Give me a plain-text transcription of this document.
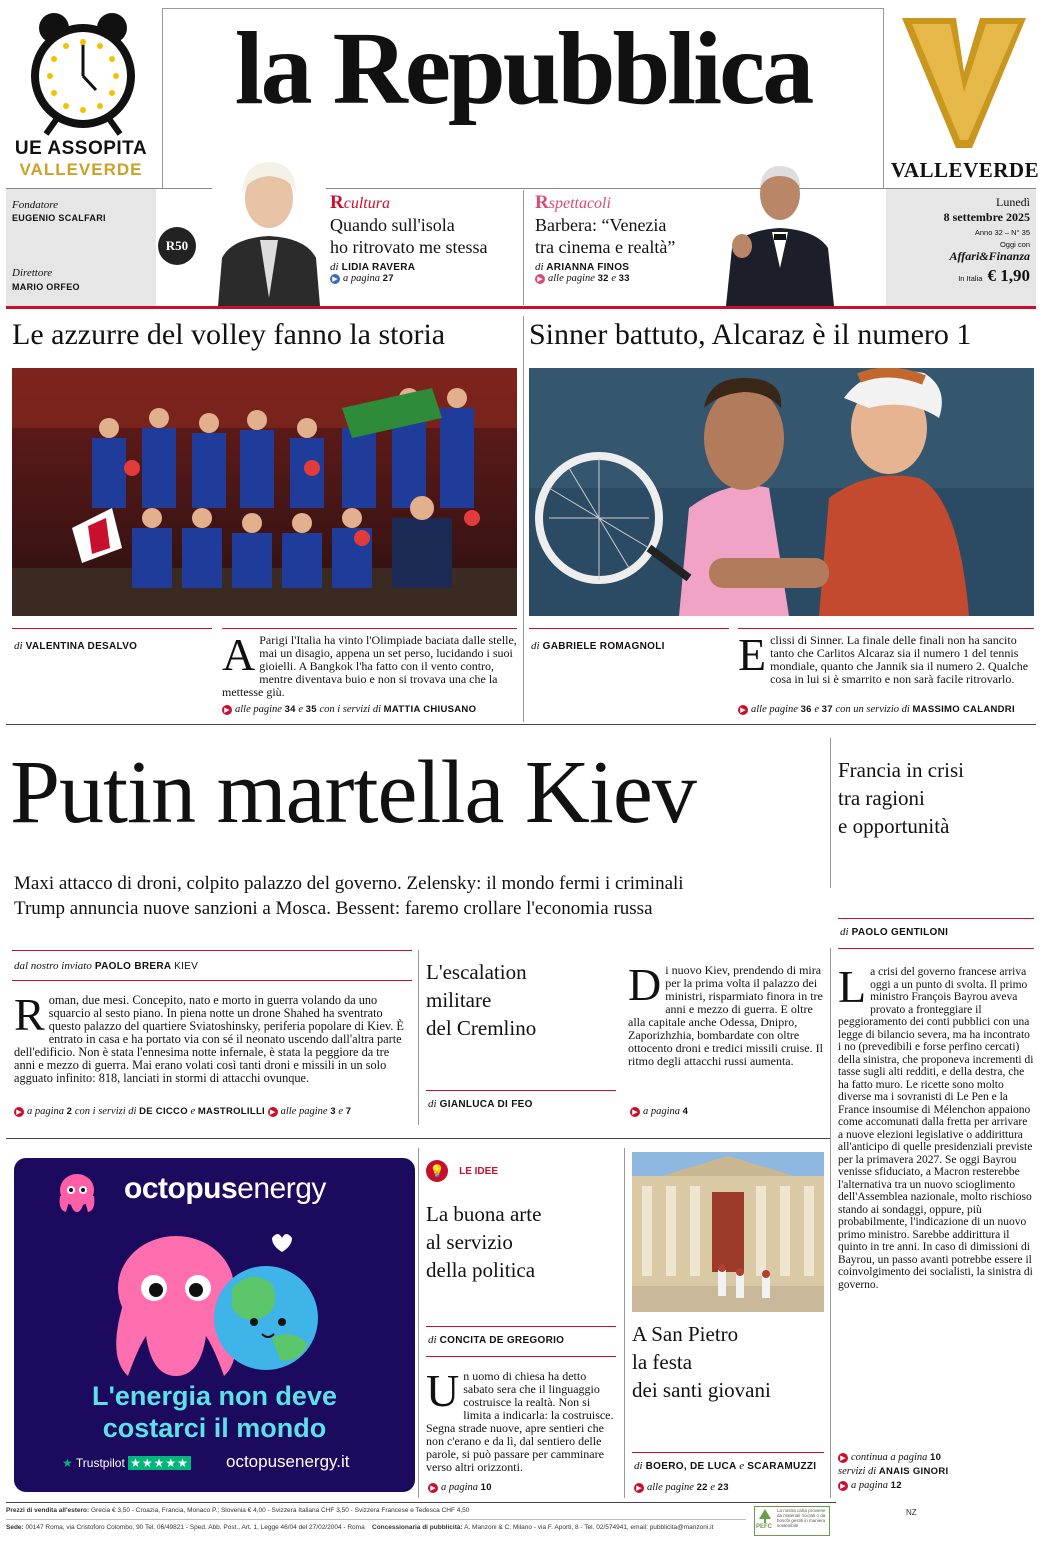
UE ASSOPITA
VALLEVERDE
la Repubblica
VALLEVERDE
Fondatore
EUGENIO SCALFARI
Direttore
MARIO ORFEO
R50
Rcultura
Quando sull'isola
ho ritrovato me stessa
di LIDIA RAVERA
▶ a pagina 27
Rspettacoli
Barbera: “Venezia
tra cinema e realtà”
di ARIANNA FINOS
▶ alle pagine 32 e 33
Lunedì
8 settembre 2025
Anno 32 – N° 35
Oggi con
Affari&Finanza
In Italia € 1,90
Le azzurre del volley fanno la storia	Sinner battuto, Alcaraz è il numero 1
di VALENTINA DESALVO A Parigi l'Italia ha vinto l'Olimpiade baciata dalle stelle, mai un disagio, appena un set perso, lucidando i suoi gioielli. A Bangkok l'ha fatto con il vento contro, mentre diventava buio e non si trovava una che la mettesse giù.
▶ alle pagine 34 e 35 con i servizi di MATTIA CHIUSANO
di GABRIELE ROMAGNOLI Eclissi di Sinner. La finale delle finali non ha sancito tanto che Carlitos Alcaraz sia il numero 1 del tennis mondiale, quanto che Jannik sia il numero 2. Qualche cosa in lui si è smarrito e non sarà facile ritrovarlo.
▶ alle pagine 36 e 37 con un servizio di MASSIMO CALANDRI
Putin martella Kiev
Maxi attacco di droni, colpito palazzo del governo. Zelensky: il mondo fermi i criminali
Trump annuncia nuove sanzioni a Mosca. Bessent: faremo crollare l'economia russa
Francia in crisi
tra ragioni
e opportunità
di PAOLO GENTILONI
La crisi del governo francese arriva oggi a un punto di svolta. Il primo ministro François Bayrou aveva provato a fronteggiare il peggioramento dei conti pubblici con una legge di bilancio severa, ma ha incontrato i no (prevedibili e forse perfino cercati) della sinistra, che proponeva incrementi di tasse sugli alti redditi, e della destra, che ha fatto muro. Le ricette sono molto diverse ma i sovranisti di Le Pen e la France insoumise di Mélenchon appaiono come accomunati dalla fretta per arrivare a nuove elezioni legislative o addirittura all'anticipo di quelle presidenziali previste per la primavera 2027. Se oggi Bayrou venisse sfiduciato, a Macron resterebbe l'alternativa tra un nuovo scioglimento dell'Assemblea nazionale, molto rischioso stando ai sondaggi, oppure, più probabilmente, l'indicazione di un nuovo primo ministro. Sarebbe addirittura il quinto in tre anni. In caso di dimissioni di Bayrou, un passo avanti potrebbe essere il coinvolgimento dei socialisti, la sinistra di governo.
▶ continua a pagina 10
servizi di ANAIS GINORI
▶ a pagina 12
dal nostro inviato PAOLO BRERA KIEV
Roman, due mesi. Concepito, nato e morto in guerra volando da uno squarcio al sesto piano. In piena notte un drone Shahed ha sventrato questo palazzo del quartiere Sviatoshinsky, periferia popolare di Kiev. È entrato in casa e ha portato via con sé il neonato uscendo dall'altra parte dell'edificio. Non è stata l'ennesima notte infernale, è stata la peggiore da tre anni e mezzo di guerra. Mai erano volati così tanti droni e missili in un solo agguato infinito: 818, lanciati in stormi di attacchi ovunque.
▶ a pagina 2 con i servizi di DE CICCO e MASTROLILLI ▶ alle pagine 3 e 7
L'escalation
militare
del Cremlino
di GIANLUCA DI FEO
Di nuovo Kiev, prendendo di mira per la prima volta il palazzo dei ministri, risparmiato finora in tre anni e mezzo di guerra. E oltre alla capitale anche Odessa, Dnipro, Zaporizhzhia, bombardate con oltre ottocento droni e tredici missili cruise. Il ritmo degli attacchi russi aumenta.
▶ a pagina 4
octopusenergy
L'energia non deve
costarci il mondo
★ Trustpilot ★★★★★ octopusenergy.it
💡 LE IDEE
La buona arte
al servizio
della politica
di CONCITA DE GREGORIO
Un uomo di chiesa ha detto sabato sera che il linguaggio costruisce la realtà. Non si limita a indicarla: la costruisce. Segna strade nuove, apre sentieri che non c'erano e da lì, dal sentiero delle parole, si può passare per camminare verso altri orizzonti.
▶ a pagina 10
A San Pietro
la festa
dei santi giovani
di BOERO, DE LUCA e SCARAMUZZI
▶ alle pagine 22 e 23
Prezzi di vendita all'estero: Grecia € 3,50 - Croazia, Francia, Monaco P.; Slovenia € 4,00 - Svizzera Italiana CHF 3,50 - Svizzera Francese e Tedesca CHF 4,50
Sede: 00147 Roma, via Cristoforo Colombo, 90 Tel. 06/49821 - Sped. Abb. Post., Art. 1, Legge 46/04 del 27/02/2004 - Roma Concessionaria di pubblicità: A. Manzoni & C. Milano - via F. Aporti, 8 - Tel. 02/574941, email: pubblicita@manzoni.it	PEFC
La nostra carta proviene da materiali riciclati o da boschi gestiti in maniera sostenibile
NZ
